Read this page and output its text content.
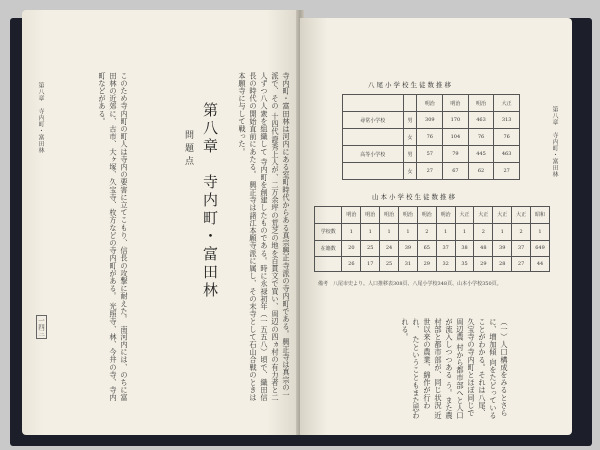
第八章　寺内町・富田林
問題点	寺内町・富田林は河内にある室町時代からある真宗興正寺派の寺内町である。興正寺は真宗の一派で、その 十四代證秀上人が、二万余坪の荒芝の地を百貫文で買い、周辺の四ヵ村の有力者と二人ずつ八人衆を組織して 寺内町を創建したものである。時に永禄初年（一五五八）頃で、織田信長の時代の開始直前にあたる。 興正寺は諸江本願寺派に属し、その末寺として石山合戦のときは本願寺に与して戦った。
このため寺内町の町人は寺内の要害に立てこもり、信長の攻撃に耐えた。 南河内には、のちに富田林の近郊に、古市、大ヶ塚、久宝寺、枚方などの寺内町がある。 光照寺、林、今井の寺、寺内町などがある。
第八章　寺内町・富田林
一四三
第八章　寺内町・富田林
八尾小学校生徒数推移
		明治	明治	明治	大正
尋常小学校	男	309	170	463	313
	女	76	104	76	76
高等小学校	男	57	79	445	463
	女	27	67	62	27
山本小学校生徒数推移
	明治	明治	明治	明治	明治	明治	大正	大正	大正	大正	昭和
学校数	1	1	1	1	2	1	1	2	1	2	1
在籍数	20	25	24	39	65	37	38	48	39	37	649
	26	17	25	31	29	32	35	29	28	27	44
備考　八尾市史より。人口推移表308頁、八尾小学校348頁、山本小学校350頁。
（一）人口構成をみるとさらに、増加傾 向をたどっていることがわかる。それは八尾、 久宝寺の寺内町とほぼ同じで周辺農 村から都市部へと人口が流入しつつある う。また農村部と都市部が、同じ状況 近世以来の農業、綿作が行われ、 たということもまた思われる。
